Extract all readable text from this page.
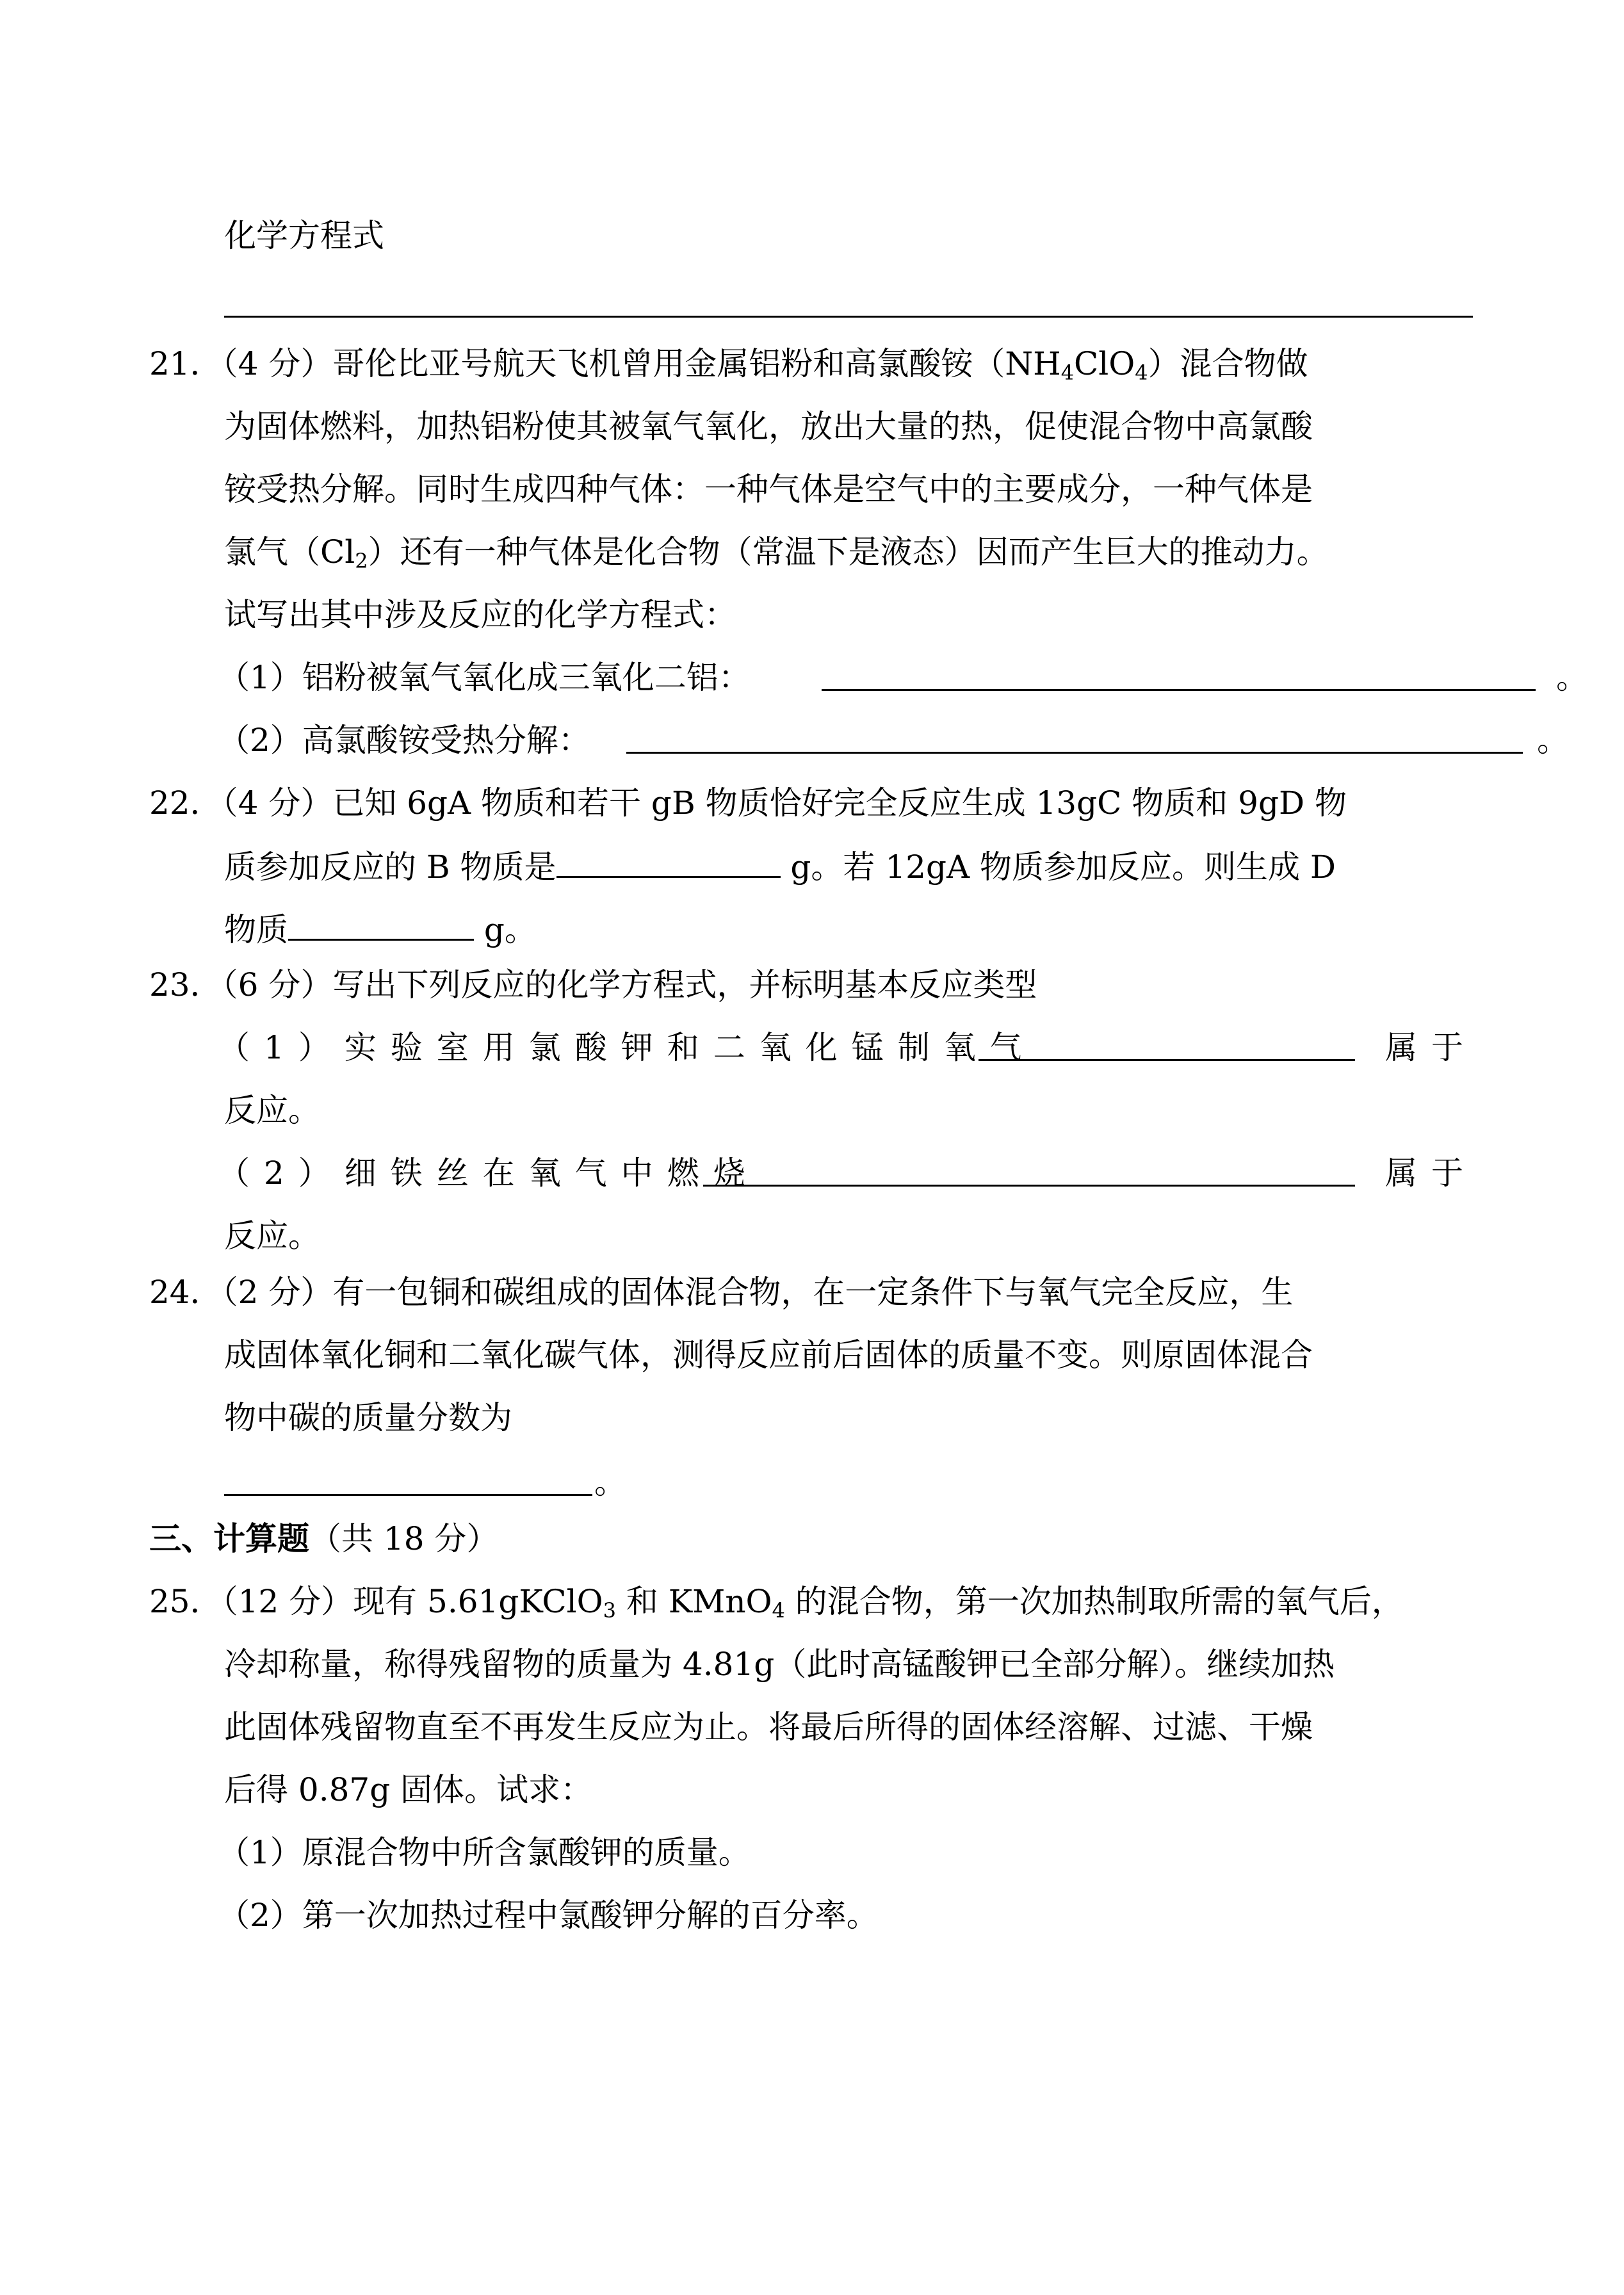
化学方程式
21．（4 分）哥伦比亚号航天飞机曾用金属铝粉和高氯酸铵$(NH_4ClO_4)$混合物做
为固体燃料，加热铝粉使其被氧气氧化，放出大量的热，促使混合物中高氯酸
铵受热分解。同时生成四种气体：一种气体是空气中的主要成分，一种气体是
氯气$(Cl_2)$还有一种气体是化合物（常温下是液态）因而产生巨大的推动力。
试写出其中涉及反应的化学方程式：
（1）铝粉被氧气氧化成三氧化二铝：	。
（2）高氯酸铵受热分解：	。
22．（4 分）已知 6gA 物质和若干 gB 物质恰好完全反应生成 13gC 物质和 9gD 物
质参加反应的 B 物质是	g。若 12gA 物质参加反应。则生成 D
物质	g。
23．（6 分）写出下列反应的化学方程式，并标明基本反应类型
（1）实验室用氯酸钾和二氧化锰制氧气	属于
反应。
（2）细铁丝在氧气中燃烧	属于
反应。
24．（2 分）有一包铜和碳组成的固体混合物，在一定条件下与氧气完全反应，生
成固体氧化铜和二氧化碳气体，测得反应前后固体的质量不变。则原固体混合
物中碳的质量分数为
。
三、计算题（共 18 分）
25．（12 分）现有 5.61gKClO$_3$ 和 KMnO$_4$ 的混合物，第一次加热制取所需的氧气后，
冷却称量，称得残留物的质量为 4.81g（此时高锰酸钾已全部分解）。继续加热
此固体残留物直至不再发生反应为止。将最后所得的固体经溶解、过滤、干燥
后得 0.87g 固体。试求：
（1）原混合物中所含氯酸钾的质量。
（2）第一次加热过程中氯酸钾分解的百分率。
